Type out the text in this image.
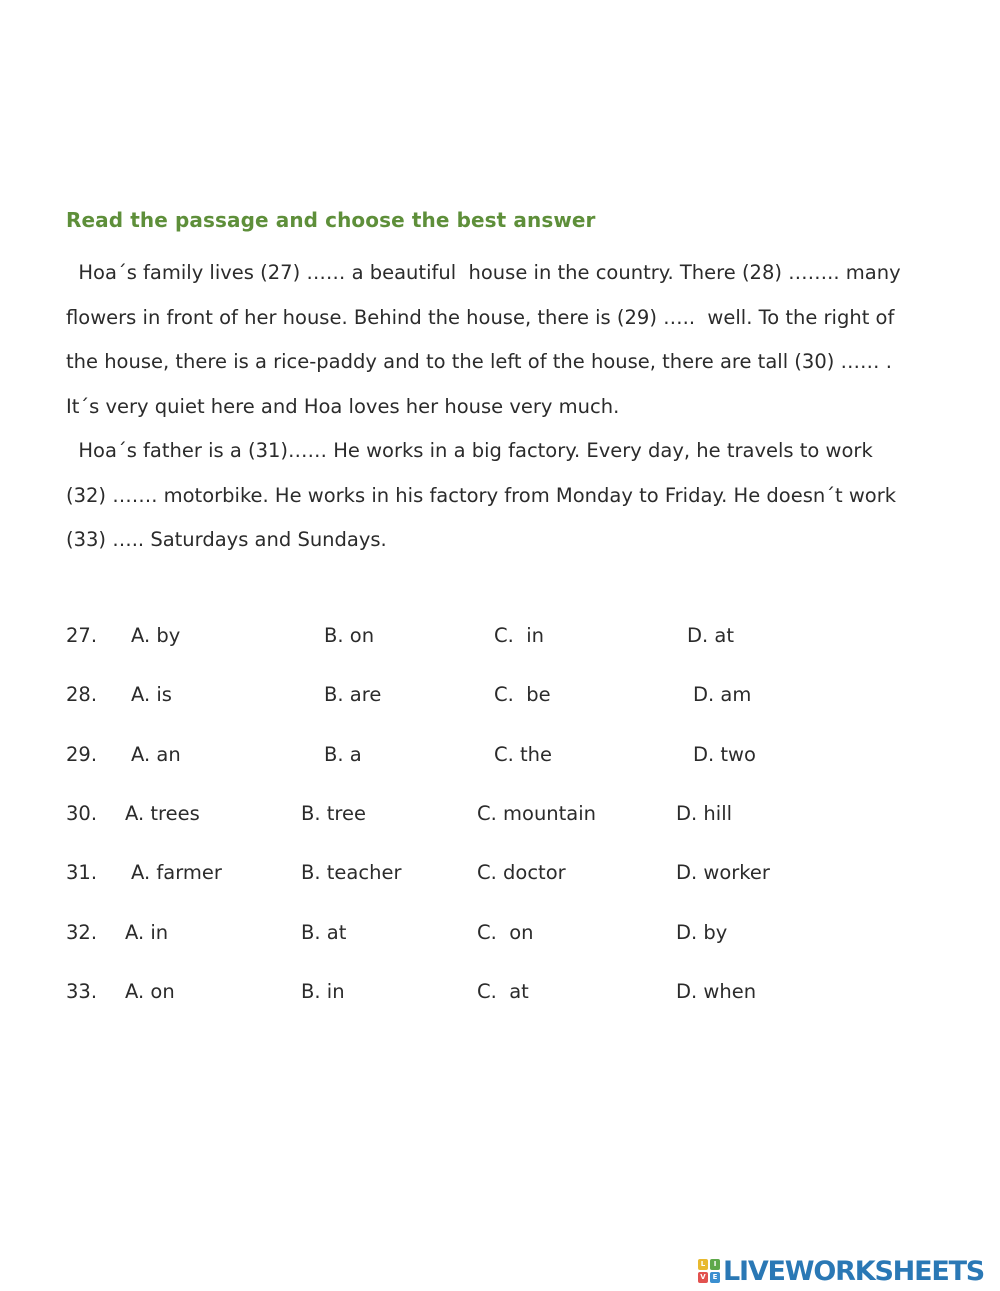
Read the passage and choose the best answer
Hoa´s family lives (27) …… a beautiful  house in the country. There (28) …….. many
flowers in front of her house. Behind the house, there is (29) …..  well. To the right of
the house, there is a rice-paddy and to the left of the house, there are tall (30) …… .
It´s very quiet here and Hoa loves her house very much.
Hoa´s father is a (31)…… He works in a big factory. Every day, he travels to work
(32) ……. motorbike. He works in his factory from Monday to Friday. He doesn´t work
(33) ….. Saturdays and Sundays.
27. A. by	B. on	C.  in	D. at
28. A. is	B. are	C.  be	D. am
29. A. an	B. a	C. the	D. two
30. A. trees	B. tree	C. mountain	D. hill
31. A. farmer	B. teacher	C. doctor	D. worker
32. A. in	B. at	C.  on	D. by
33. A. on	B. in	C.  at	D. when
L	I
V E LIVEWORKSHEETS
